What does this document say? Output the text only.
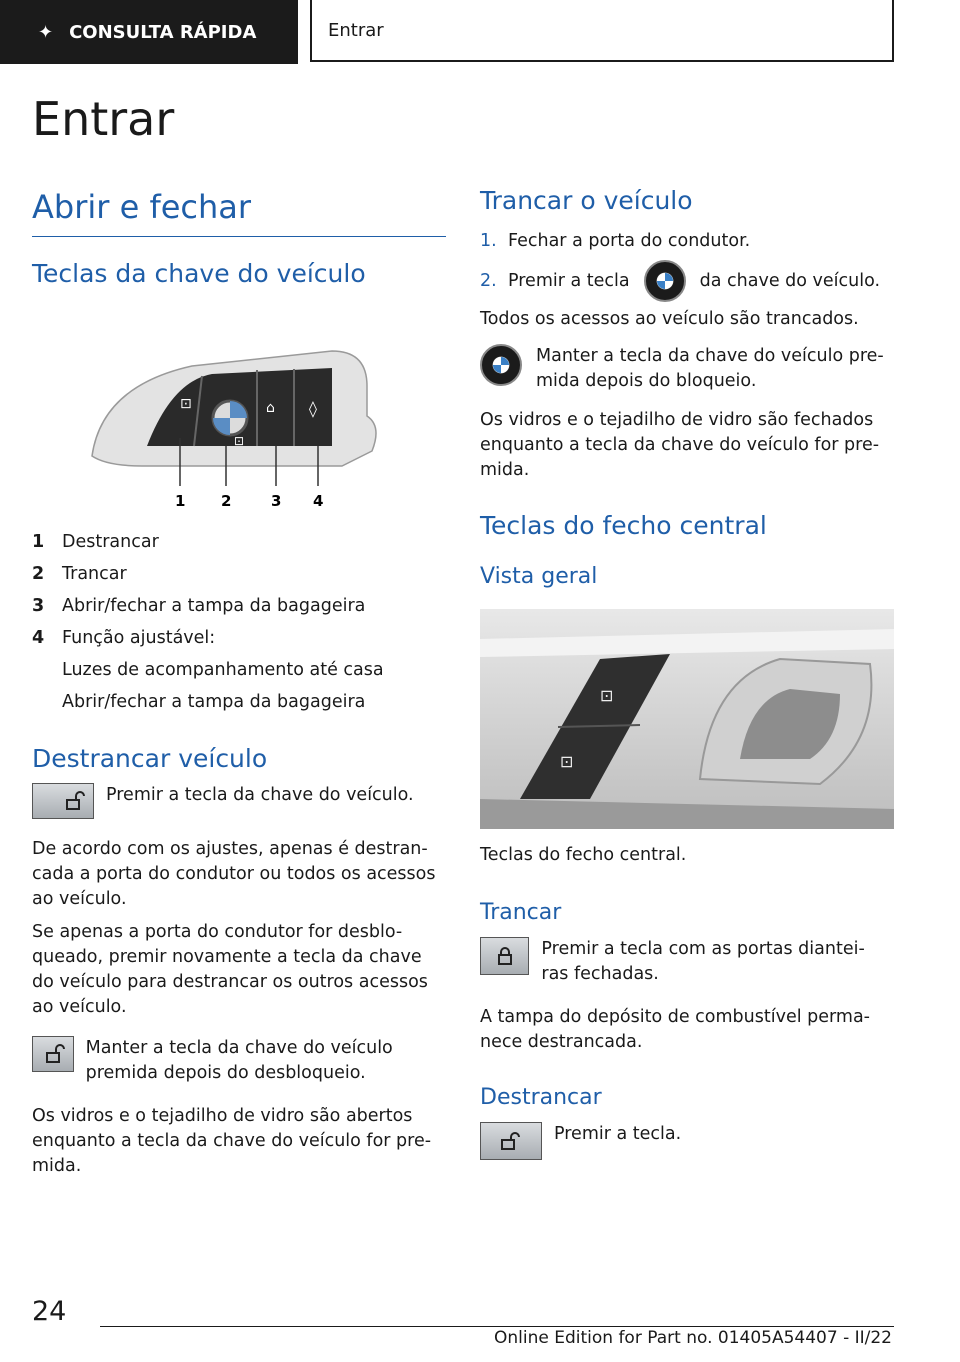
✦ CONSULTA RÁPIDA	Entrar
Entrar
Abrir e fechar
Teclas da chave do veículo
⊡
⊡
⌂ ◊
1 2	3 4
1	Destrancar
2	Trancar
3	Abrir/fechar a tampa da bagageira
4	Função ajustável:
Luzes de acompanhamento até casa
Abrir/fechar a tampa da bagageira
Destrancar veículo

Premir a tecla da chave do veículo.

De acordo com os ajustes, apenas é destran- cada a porta do condutor ou todos os acessos ao veículo.

Se apenas a porta do condutor for desblo- queado, premir novamente a tecla da chave do veículo para destrancar os outros acessos ao veículo.

Manter a tecla da chave do veículo premida depois do desbloqueio.

Os vidros e o tejadilho de vidro são abertos enquanto a tecla da chave do veículo for pre- mida.

Trancar o veículo
1. Fechar a porta do condutor.
2. Premir a tecla	da chave do veículo.

Todos os acessos ao veículo são trancados.

Manter a tecla da chave do veículo pre- mida depois do bloqueio.

Os vidros e o tejadilho de vidro são fechados enquanto a tecla da chave do veículo for pre- mida.

Teclas do fecho central
Vista geral
⊡
⊡

Teclas do fecho central.

Trancar

Premir a tecla com as portas diantei- ras fechadas.

A tampa do depósito de combustível perma- nece destrancada.

Destrancar

Premir a tecla.

24
Online Edition for Part no. 01405A54407 - II/22
